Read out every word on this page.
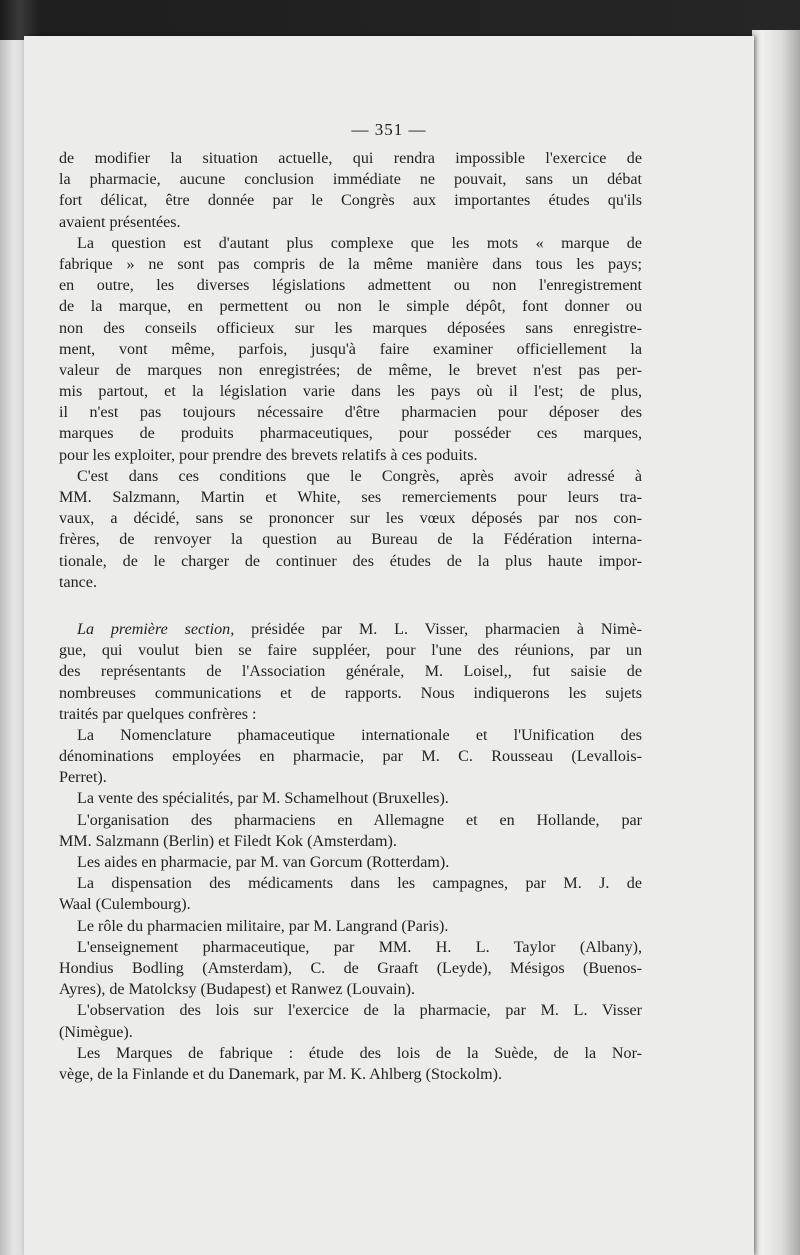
— 351 —
de modifier la situation actuelle, qui rendra impossible l'exercice de
la pharmacie, aucune conclusion immédiate ne pouvait, sans un débat
fort délicat, être donnée par le Congrès aux importantes études qu'ils
avaient présentées.
La question est d'autant plus complexe que les mots « marque de
fabrique » ne sont pas compris de la même manière dans tous les pays;
en outre, les diverses législations admettent ou non l'enregistrement
de la marque, en permettent ou non le simple dépôt, font donner ou
non des conseils officieux sur les marques déposées sans enregistre-
ment, vont même, parfois, jusqu'à faire examiner officiellement la
valeur de marques non enregistrées; de même, le brevet n'est pas per-
mis partout, et la législation varie dans les pays où il l'est; de plus,
il n'est pas toujours nécessaire d'être pharmacien pour déposer des
marques de produits pharmaceutiques, pour posséder ces marques,
pour les exploiter, pour prendre des brevets relatifs à ces poduits.
C'est dans ces conditions que le Congrès, après avoir adressé à
MM. Salzmann, Martin et White, ses remerciements pour leurs tra-
vaux, a décidé, sans se prononcer sur les vœux déposés par nos con-
frères, de renvoyer la question au Bureau de la Fédération interna-
tionale, de le charger de continuer des études de la plus haute impor-
tance.
La première section, présidée par M. L. Visser, pharmacien à Nimè-
gue, qui voulut bien se faire suppléer, pour l'une des réunions, par un
des représentants de l'Association générale, M. Loisel,, fut saisie de
nombreuses communications et de rapports. Nous indiquerons les sujets
traités par quelques confrères :
La Nomenclature phamaceutique internationale et l'Unification des
dénominations employées en pharmacie, par M. C. Rousseau (Levallois-
Perret).
La vente des spécialités, par M. Schamelhout (Bruxelles).
L'organisation des pharmaciens en Allemagne et en Hollande, par
MM. Salzmann (Berlin) et Filedt Kok (Amsterdam).
Les aides en pharmacie, par M. van Gorcum (Rotterdam).
La dispensation des médicaments dans les campagnes, par M. J. de
Waal (Culembourg).
Le rôle du pharmacien militaire, par M. Langrand (Paris).
L'enseignement pharmaceutique, par MM. H. L. Taylor (Albany),
Hondius Bodling (Amsterdam), C. de Graaft (Leyde), Mésigos (Buenos-
Ayres), de Matolcksy (Budapest) et Ranwez (Louvain).
L'observation des lois sur l'exercice de la pharmacie, par M. L. Visser
(Nimègue).
Les Marques de fabrique : étude des lois de la Suède, de la Nor-
vège, de la Finlande et du Danemark, par M. K. Ahlberg (Stockolm).
